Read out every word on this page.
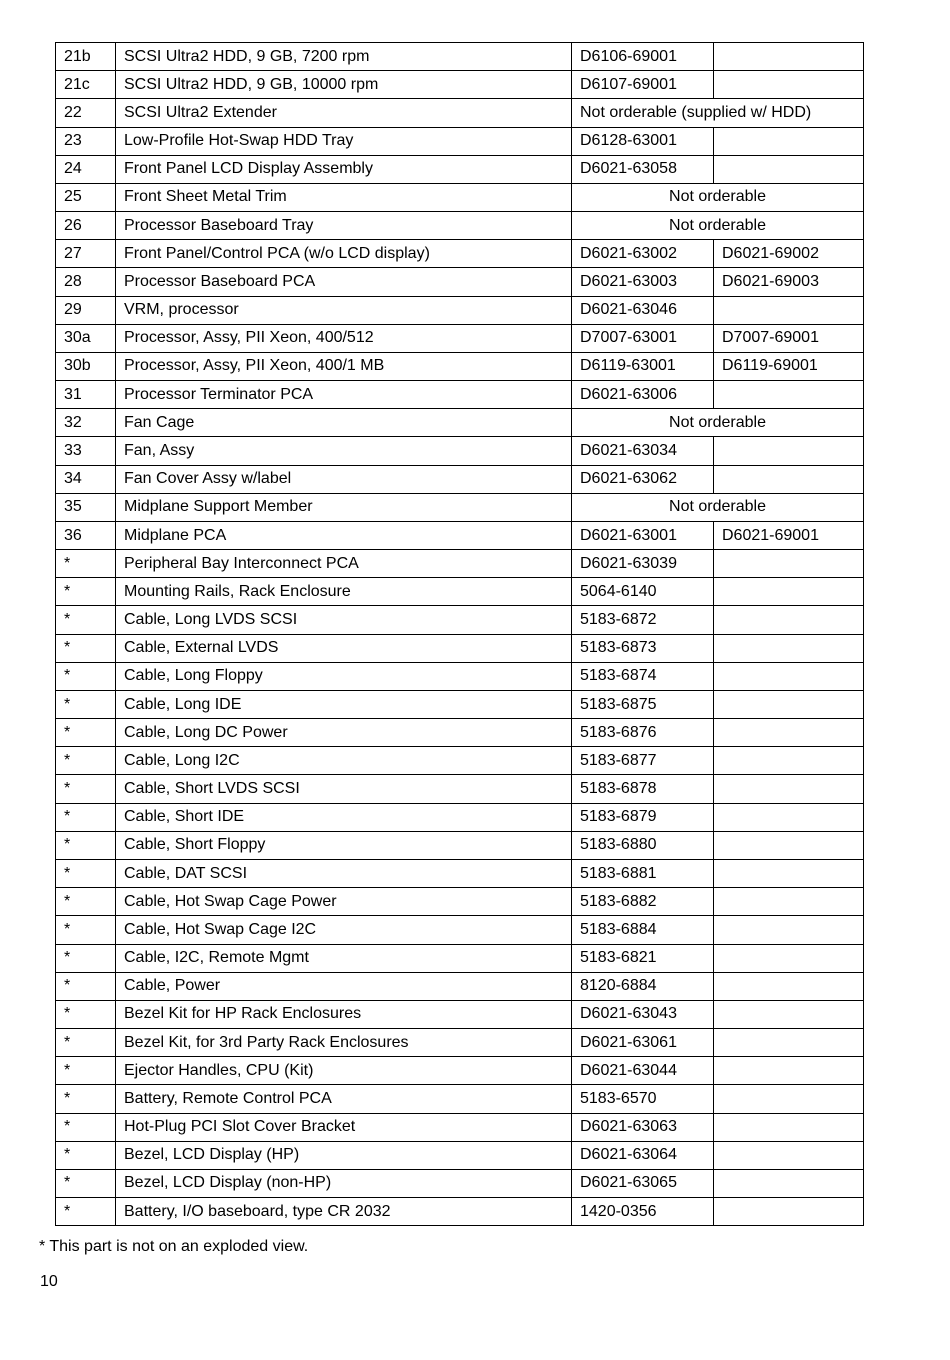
21b	SCSI Ultra2 HDD, 9 GB, 7200 rpm	D6106-69001	
21c	SCSI Ultra2 HDD, 9 GB, 10000 rpm	D6107-69001	
22	SCSI Ultra2 Extender	Not orderable (supplied w/ HDD)	
23	Low-Profile Hot-Swap HDD Tray	D6128-63001	
24	Front Panel LCD Display Assembly	D6021-63058	
25	Front Sheet Metal Trim	Not orderable	
26	Processor Baseboard Tray	Not orderable	
27	Front Panel/Control PCA (w/o LCD display)	D6021-63002	D6021-69002
28	Processor Baseboard PCA	D6021-63003	D6021-69003
29	VRM, processor	D6021-63046	
30a	Processor, Assy, PII Xeon, 400/512	D7007-63001	D7007-69001
30b	Processor, Assy, PII Xeon, 400/1 MB	D6119-63001	D6119-69001
31	Processor Terminator PCA	D6021-63006	
32	Fan Cage	Not orderable	
33	Fan, Assy	D6021-63034	
34	Fan Cover Assy w/label	D6021-63062	
35	Midplane Support Member	Not orderable	
36	Midplane PCA	D6021-63001	D6021-69001
*	Peripheral Bay Interconnect PCA	D6021-63039	
*	Mounting Rails, Rack Enclosure	5064-6140	
*	Cable, Long LVDS SCSI	5183-6872	
*	Cable, External LVDS	5183-6873	
*	Cable, Long Floppy	5183-6874	
*	Cable, Long IDE	5183-6875	
*	Cable, Long DC Power	5183-6876	
*	Cable, Long I2C	5183-6877	
*	Cable, Short LVDS SCSI	5183-6878	
*	Cable, Short IDE	5183-6879	
*	Cable, Short Floppy	5183-6880	
*	Cable, DAT SCSI	5183-6881	
*	Cable, Hot Swap Cage Power	5183-6882	
*	Cable, Hot Swap Cage I2C	5183-6884	
*	Cable, I2C, Remote Mgmt	5183-6821	
*	Cable, Power	8120-6884	
*	Bezel Kit for HP Rack Enclosures	D6021-63043	
*	Bezel Kit, for 3rd Party Rack Enclosures	D6021-63061	
*	Ejector Handles, CPU (Kit)	D6021-63044	
*	Battery, Remote Control PCA	5183-6570	
*	Hot-Plug PCI Slot Cover Bracket	D6021-63063	
*	Bezel, LCD Display (HP)	D6021-63064	
*	Bezel, LCD Display (non-HP)	D6021-63065	
*	Battery, I/O baseboard, type CR 2032	1420-0356	
* This part is not on an exploded view.
10
